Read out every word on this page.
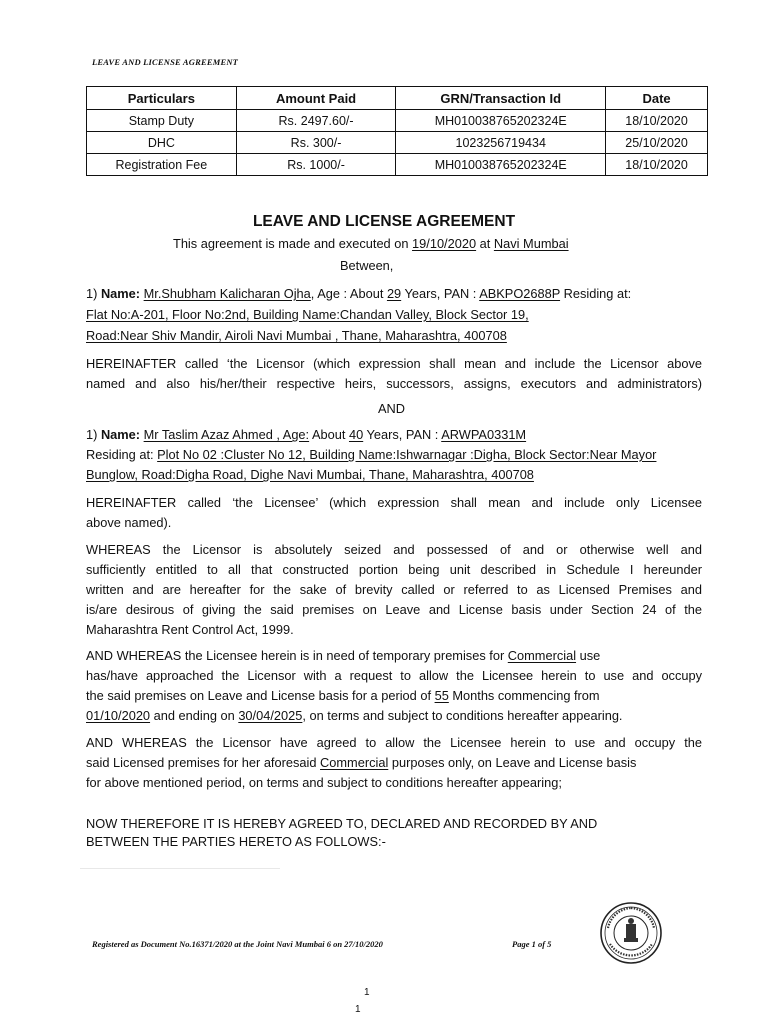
LEAVE AND LICENSE AGREEMENT
Particulars	Amount Paid	GRN/Transaction Id	Date
Stamp Duty	Rs. 2497.60/-	MH010038765202324E	18/10/2020
DHC	Rs. 300/-	1023256719434	25/10/2020
Registration Fee	Rs. 1000/-	MH010038765202324E	18/10/2020
LEAVE AND LICENSE AGREEMENT
This agreement is made and executed on 19/10/2020 at Navi Mumbai
Between,
1) Name: Mr.Shubham Kalicharan Ojha, Age : About 29 Years, PAN : ABKPO2688P Residing at:
Flat No:A-201, Floor No:2nd, Building Name:Chandan Valley, Block Sector 19,
Road:Near Shiv Mandir, Airoli Navi Mumbai , Thane, Maharashtra, 400708
HEREINAFTER called ‘the Licensor (which expression shall mean and include the Licensor above
named and also his/her/their respective heirs, successors, assigns, executors and administrators)
AND
1) Name: Mr Taslim Azaz Ahmed , Age: About 40 Years, PAN : ARWPA0331M
Residing at: Plot No 02 :Cluster No 12, Building Name:Ishwarnagar :Digha, Block Sector:Near Mayor
Bunglow, Road:Digha Road, Dighe Navi Mumbai, Thane, Maharashtra, 400708
HEREINAFTER called ‘the Licensee’ (which expression shall mean and include only Licensee
above named).
WHEREAS the Licensor is absolutely seized and possessed of and or otherwise well and
sufficiently entitled to all that constructed portion being unit described in Schedule I hereunder
written and are hereafter for the sake of brevity called or referred to as Licensed Premises and
is/are desirous of giving the said premises on Leave and License basis under Section 24 of the
Maharashtra Rent Control Act, 1999.
AND WHEREAS the Licensee herein is in need of temporary premises for Commercial use
has/have approached the Licensor with a request to allow the Licensee herein to use and occupy
the said premises on Leave and License basis for a period of 55 Months commencing from
01/10/2020 and ending on 30/04/2025, on terms and subject to conditions hereafter appearing.
AND WHEREAS the Licensor have agreed to allow the Licensee herein to use and occupy the
said Licensed premises for her aforesaid Commercial purposes only, on Leave and License basis
for above mentioned period, on terms and subject to conditions hereafter appearing;
NOW THEREFORE IT IS HEREBY AGREED TO, DECLARED AND RECORDED BY AND
BETWEEN THE PARTIES HERETO AS FOLLOWS:-
Registered as Document No.16371/2020 at the Joint Navi Mumbai 6 on 27/10/2020	Page 1 of 5
1
1
